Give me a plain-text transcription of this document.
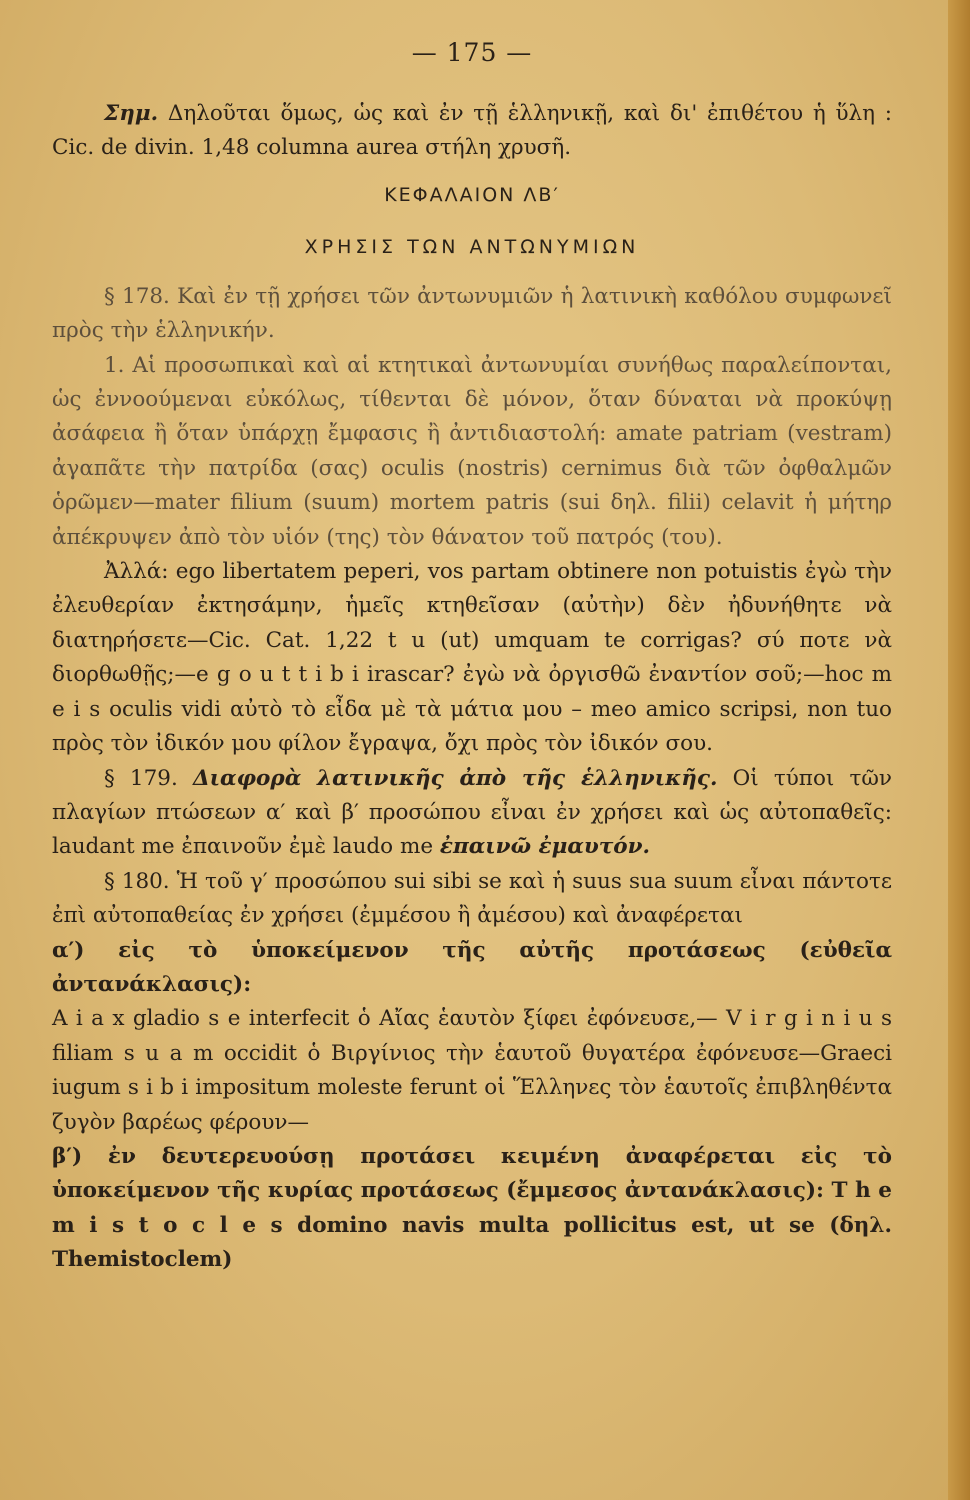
— 175 —

Σημ. Δηλοῦται ὅμως, ὡς καὶ ἐν τῇ ἑλληνικῇ, καὶ δι' ἐπιθέτου ἡ ὕλη : Cic. de divin. 1,48 columna aurea στήλη χρυσῆ.

ΚΕΦΑΛΑΙΟΝ ΛΒ′
ΧΡΗΣΙΣ ΤΩΝ ΑΝΤΩΝΥΜΙΩΝ

§ 178. Καὶ ἐν τῇ χρήσει τῶν ἀντωνυμιῶν ἡ λατινικὴ καθόλου συμφωνεῖ πρὸς τὴν ἑλληνικήν.

1. Αἱ προσωπικαὶ καὶ αἱ κτητικαὶ ἀντωνυμίαι συνήθως παραλείπονται, ὡς ἐννοούμεναι εὐκόλως, τίθενται δὲ μόνον, ὅταν δύναται νὰ προκύψῃ ἀσάφεια ἢ ὅταν ὑπάρχῃ ἔμφασις ἢ ἀντιδιαστολή: amate patriam (vestram) ἀγαπᾶτε τὴν πατρίδα (σας) oculis (nostris) cernimus διὰ τῶν ὀφθαλμῶν ὁρῶμεν—mater filium (suum) mortem patris (sui δηλ. filii) celavit ἡ μήτηρ ἀπέκρυψεν ἀπὸ τὸν υἱόν (της) τὸν θάνατον τοῦ πατρός (του).

Ἀλλά: ego libertatem peperi, vos partam obtinere non potuistis ἐγὼ τὴν ἐλευθερίαν ἐκτησάμην, ἡμεῖς κτηθεῖσαν (αὐτὴν) δὲν ἠδυνήθητε νὰ διατηρήσετε—Cic. Cat. 1,22 t u (ut) umquam te corrigas? σύ ποτε νὰ διορθωθῇς;—e g o u t t i b i irascar? ἐγὼ νὰ ὀργισθῶ ἐναντίον σοῦ;—hoc m e i s oculis vidi αὐτὸ τὸ εἶδα μὲ τὰ μάτια μου – meo amico scripsi, non tuo πρὸς τὸν ἰδικόν μου φίλον ἔγραψα, ὄχι πρὸς τὸν ἰδικόν σου.

§ 179. Διαφορὰ λατινικῆς ἀπὸ τῆς ἑλληνικῆς. Οἱ τύποι τῶν πλαγίων πτώσεων α′ καὶ β′ προσώπου εἶναι ἐν χρήσει καὶ ὡς αὐτοπαθεῖς: laudant me ἐπαινοῦν ἐμὲ laudo me ἐπαινῶ ἐμαυτόν.

§ 180. Ἡ τοῦ γ′ προσώπου sui sibi se καὶ ἡ suus sua suum εἶναι πάντοτε ἐπὶ αὐτοπαθείας ἐν χρήσει (ἐμμέσου ἢ ἀμέσου) καὶ ἀναφέρεται

α′) εἰς τὸ ὑποκείμενον τῆς αὐτῆς προτάσεως (εὐθεῖα ἀντανάκλασις):

A i a x gladio s e interfecit ὁ Αἴας ἑαυτὸν ξίφει ἐφόνευσε,— V i r g i n i u s filiam s u a m occidit ὁ Βιργίνιος τὴν ἑαυτοῦ θυγατέρα ἐφόνευσε—Graeci iugum s i b i impositum moleste ferunt οἱ Ἕλληνες τὸν ἑαυτοῖς ἐπιβληθέντα ζυγὸν βαρέως φέρουν—

β′) ἐν δευτερευούσῃ προτάσει κειμένη ἀναφέρεται εἰς τὸ ὑποκείμενον τῆς κυρίας προτάσεως (ἔμμεσος ἀντανάκλασις): T h e m i s t o c l e s domino navis multa pollicitus est, ut se (δηλ. Themistoclem)
